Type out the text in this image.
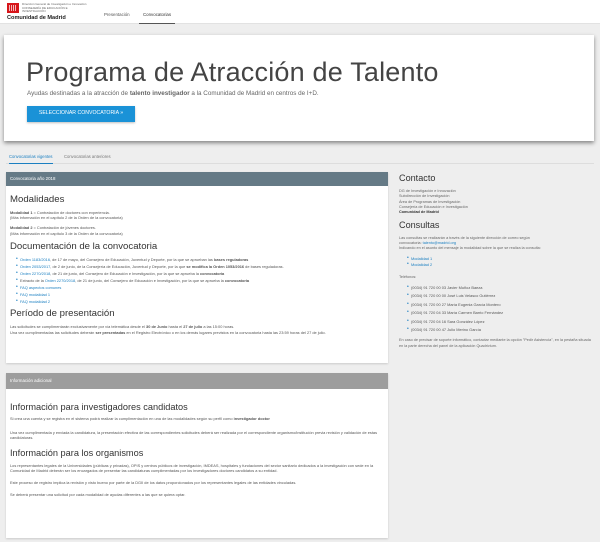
Dirección General de Investigación e Innovación
CONSEJERÍA DE EDUCACIÓN E
INVESTIGACIÓN
Comunidad de Madrid
Presentación	Convocatorias
Programa de Atracción de Talento
Ayudas destinadas a la atracción de talento investigador a la Comunidad de Madrid en centros de I+D.
SELECCIONAR CONVOCATORIA »
Convocatorias vigentes	Convocatorias anteriores
Convocatoria año 2018
Modalidades

Modalidad 1 = Contratación de doctores con experiencia.

(Más información en el capítulo 2 de la Orden de la convocatoria)

Modalidad 2 = Contratación de jóvenes doctores.

(Más información en el capítulo 3 de la Orden de la convocatoria)

Documentación de la convocatoria
• Orden 1183/2016, de 17 de mayo, del Consejero de Educación, Juventud y Deporte, por la que se aprueban las bases reguladoras
• Orden 2053/2017, de 2 de junio, de la Consejería de Educación, Juventud y Deporte, por la que se modifica la Orden 1053/2016 de bases reguladoras.
• Orden 2270/2018, de 21 de junio, del Consejero de Educación e Investigación, por la que se aprueba la convocatoria
• Extracto de la Orden 2270/2018, de 21 de junio, del Consejero de Educación e Investigación, por la que se aprueba la convocatoria
• FAQ aspectos comunes
• FAQ modalidad 1
• FAQ modalidad 2
Período de presentación

Las solicitudes se cumplimentarán exclusivamente por vía telemática desde el 30 de Junio hasta el 27 de julio a las 15:00 horas.

Una vez cumplimentadas las solicitudes deberán ser presentadas en el Registro Electrónico o en los demás lugares previstos en la convocatoria hasta las 23:59 horas del 27 de julio.

Información adicional
Información para investigadores candidatos

Si crea una cuenta y se registra en el sistema podrá realizar la cumplimentación en una de las modalidades según su perfil como investigador doctor

Una vez cumplimentada y enviada la candidatura, la presentación efectiva de las correspondientes solicitudes deberá ser realizada por el correspondiente organismo/institución previa revisión y validación de estas candidaturas.

Información para los organismos

Los representantes legales de la Universidades (públicas y privadas), OPIS y centros públicos de investigación, IMDEAS, hospitales y fundaciones del sector sanitario dedicados a la investigación con sede en la Comunidad de Madrid deberán ser los encargados de presentar las candidaturas cumplimentadas por los investigadores doctores candidatos a su entidad.

Este proceso de registro implica la revisión y visto bueno por parte de la DGII de los datos proporcionados por los representantes legales de las entidades vinculadas.

Se deberá presentar una solicitud por cada modalidad de ayudas diferentes a las que se quiera optar.

Contacto
DG de Investigación e Innovación
Subdirección de Investigación
Área de Programas de Investigación
Consejería de Educación e Investigación
Comunidad de Madrid
Consultas
Las consultas se realizarán a través de la siguiente dirección de correo según
convocatoria: talento@madrid.org
Indicando en el asunto del mensaje la modalidad sobre la que se realiza la consulta:
• Modalidad 1
• Modalidad 2
Teléfonos:
• (0034) 91 720 00 03 Javier Muñoz Baeza
• (0034) 91 720 00 00 José Luis Velasco Gutiérrez
• (0034) 91 720 00 27 María Eugenia García Montero
• (0034) 91 720 04 33 María Carmen Barrio Fernández
• (0034) 91 720 04 16 Sara González López
• (0034) 91 720 00 47 Julio Merino García
En caso de precisar de soporte informático, contactar mediante la opción "Pedir Asistencia", en la pestaña situada en la parte derecha del panel de la aplicación Quadrivium.
